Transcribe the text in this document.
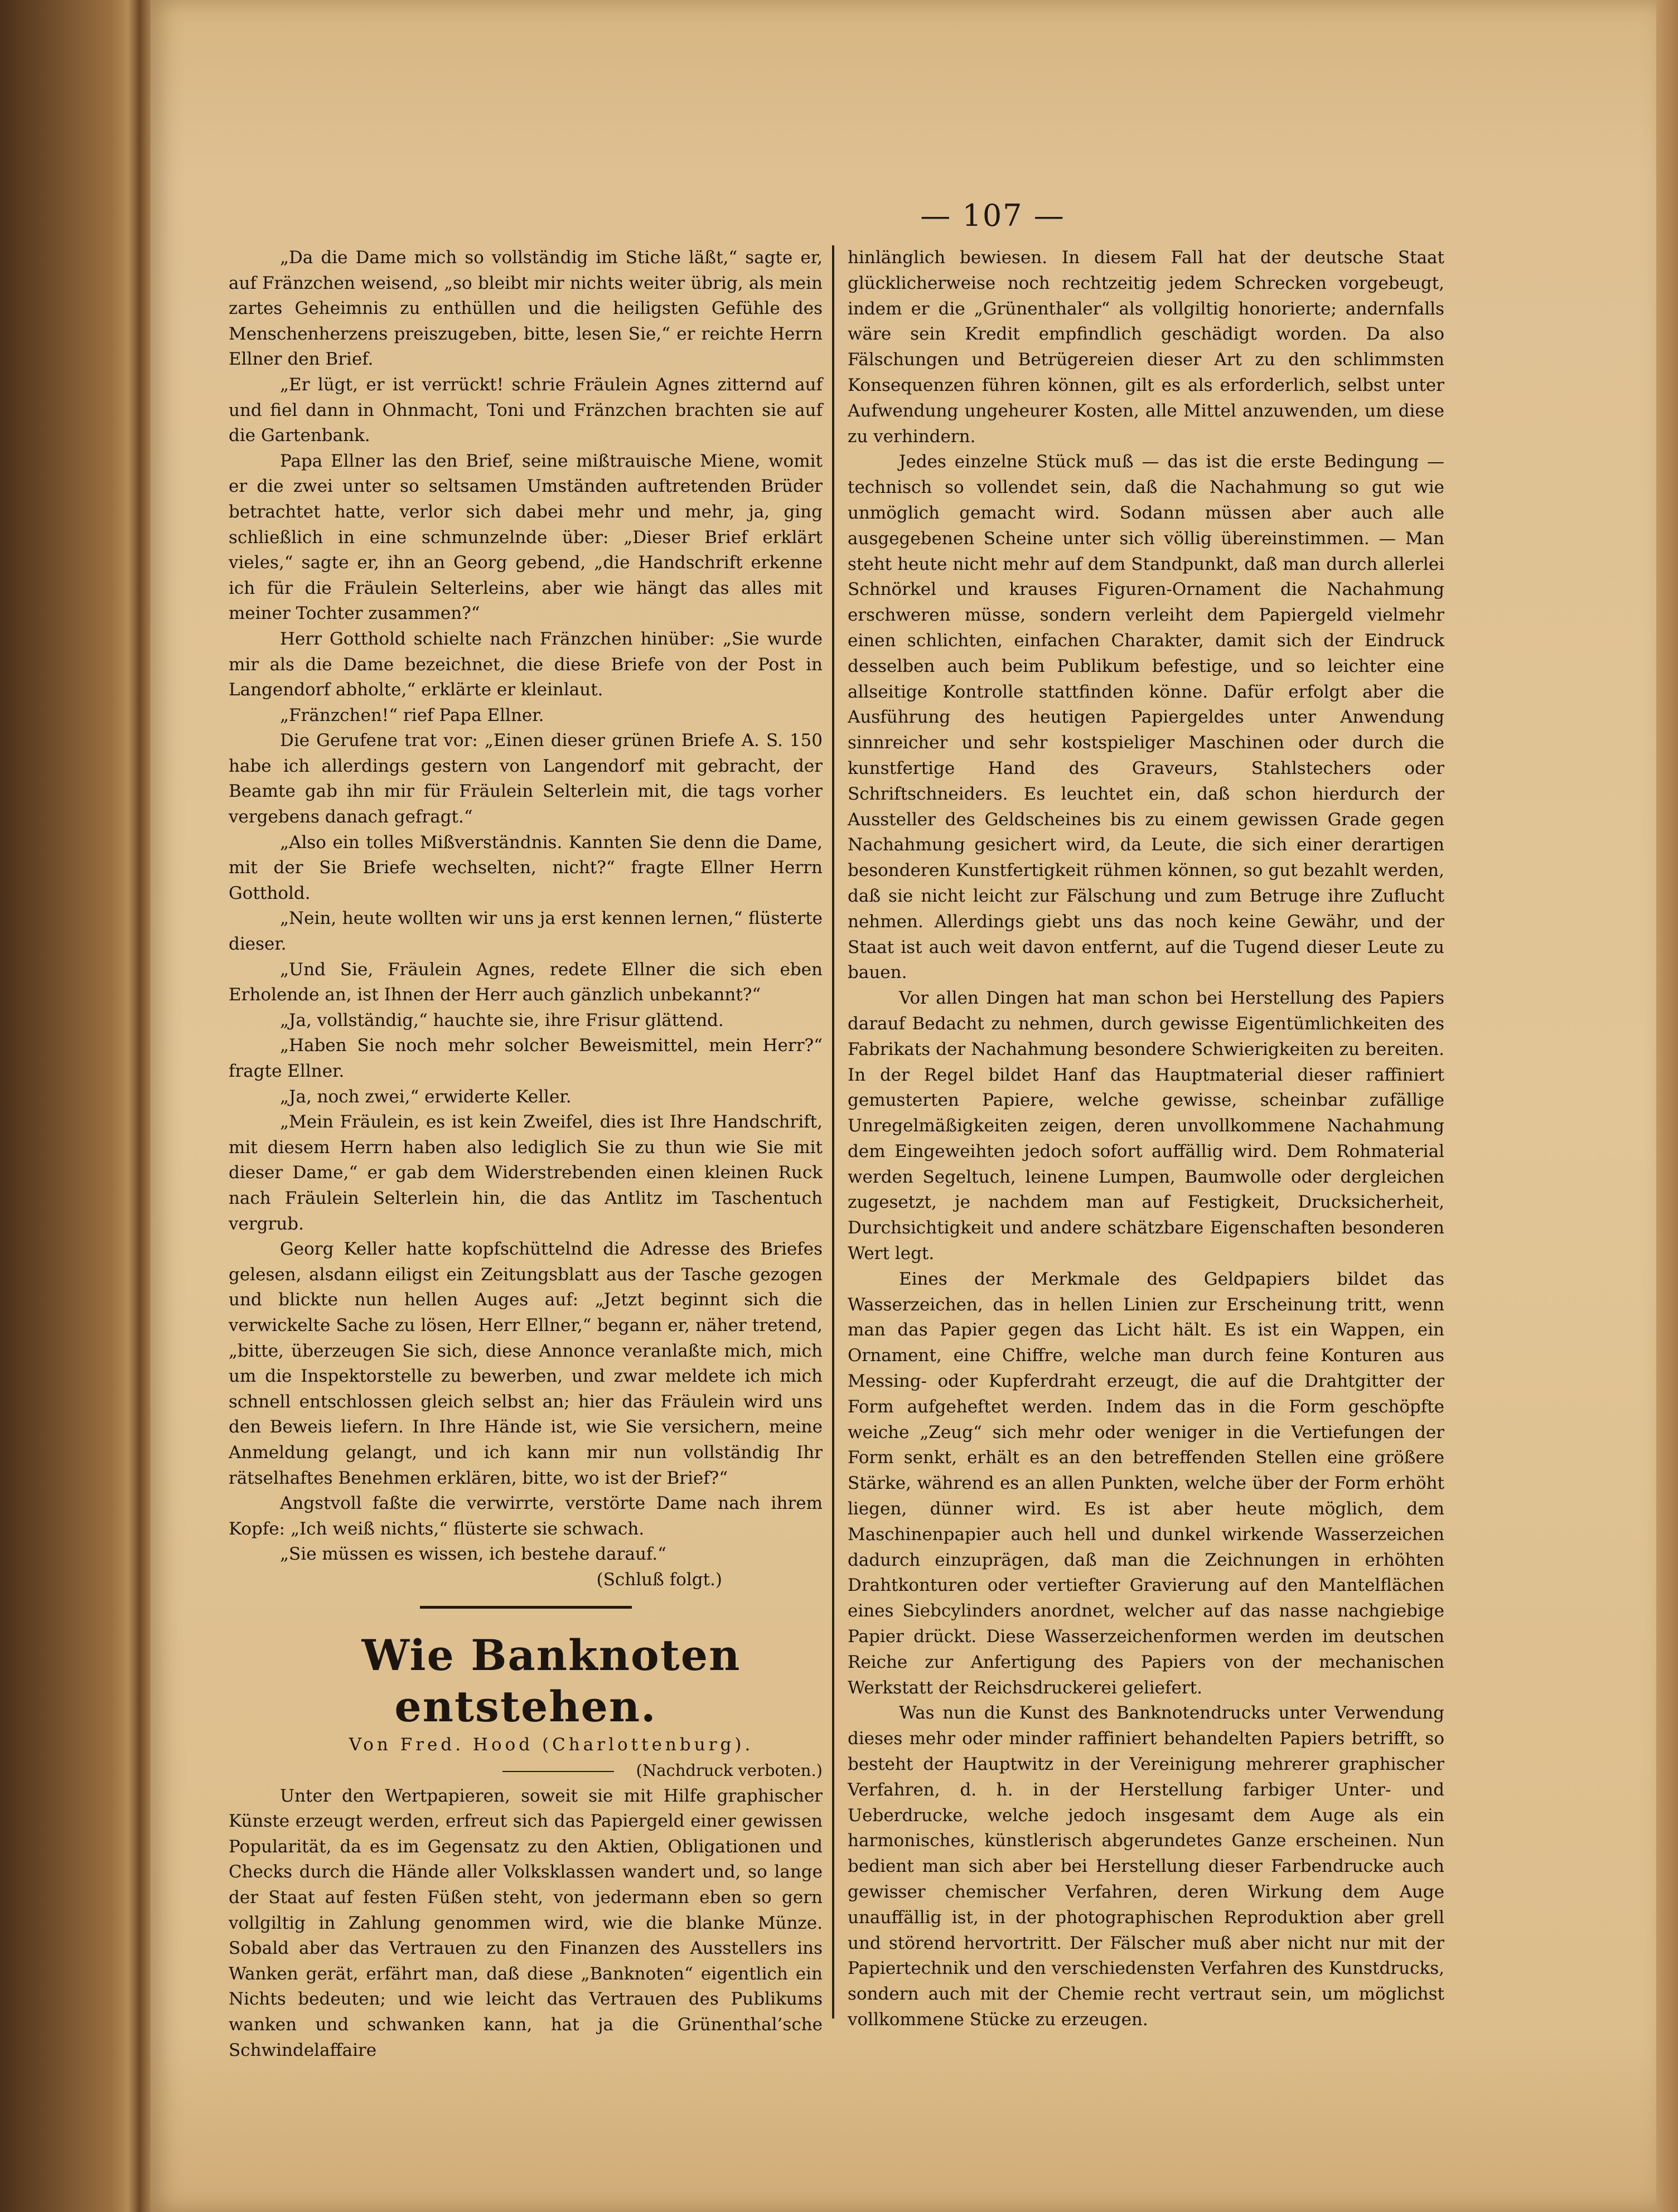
— 107 —

„Da die Dame mich so vollständig im Stiche läßt,“ sagte er, auf Fränzchen weisend, „so bleibt mir nichts weiter übrig, als mein zartes Geheimnis zu enthüllen und die heiligsten Gefühle des Menschenherzens preiszugeben, bitte, lesen Sie,“ er reichte Herrn Ellner den Brief.

„Er lügt, er ist verrückt! schrie Fräulein Agnes zitternd auf und fiel dann in Ohnmacht, Toni und Fränzchen brachten sie auf die Gartenbank.

Papa Ellner las den Brief, seine mißtrauische Miene, womit er die zwei unter so seltsamen Umständen auftretenden Brüder betrachtet hatte, verlor sich dabei mehr und mehr, ja, ging schließlich in eine schmunzelnde über: „Dieser Brief erklärt vieles,“ sagte er, ihn an Georg gebend, „die Handschrift erkenne ich für die Fräulein Selterleins, aber wie hängt das alles mit meiner Tochter zusammen?“

Herr Gotthold schielte nach Fränzchen hinüber: „Sie wurde mir als die Dame bezeichnet, die diese Briefe von der Post in Langendorf abholte,“ erklärte er kleinlaut.

„Fränzchen!“ rief Papa Ellner.

Die Gerufene trat vor: „Einen dieser grünen Briefe A. S. 150 habe ich allerdings gestern von Langendorf mit gebracht, der Beamte gab ihn mir für Fräulein Selterlein mit, die tags vorher vergebens danach gefragt.“

„Also ein tolles Mißverständnis. Kannten Sie denn die Dame, mit der Sie Briefe wechselten, nicht?“ fragte Ellner Herrn Gotthold.

„Nein, heute wollten wir uns ja erst kennen lernen,“ flüsterte dieser.

„Und Sie, Fräulein Agnes, redete Ellner die sich eben Erholende an, ist Ihnen der Herr auch gänzlich unbekannt?“

„Ja, vollständig,“ hauchte sie, ihre Frisur glättend.

„Haben Sie noch mehr solcher Beweismittel, mein Herr?“ fragte Ellner.

„Ja, noch zwei,“ erwiderte Keller.

„Mein Fräulein, es ist kein Zweifel, dies ist Ihre Handschrift, mit diesem Herrn haben also lediglich Sie zu thun wie Sie mit dieser Dame,“ er gab dem Widerstrebenden einen kleinen Ruck nach Fräulein Selterlein hin, die das Antlitz im Taschentuch vergrub.

Georg Keller hatte kopfschüttelnd die Adresse des Briefes gelesen, alsdann eiligst ein Zeitungsblatt aus der Tasche gezogen und blickte nun hellen Auges auf: „Jetzt beginnt sich die verwickelte Sache zu lösen, Herr Ellner,“ begann er, näher tretend, „bitte, überzeugen Sie sich, diese Annonce veranlaßte mich, mich um die Inspektorstelle zu bewerben, und zwar meldete ich mich schnell entschlossen gleich selbst an; hier das Fräulein wird uns den Beweis liefern. In Ihre Hände ist, wie Sie versichern, meine Anmeldung gelangt, und ich kann mir nun vollständig Ihr rätselhaftes Benehmen erklären, bitte, wo ist der Brief?“

Angstvoll faßte die verwirrte, verstörte Dame nach ihrem Kopfe: „Ich weiß nichts,“ flüsterte sie schwach.

„Sie müssen es wissen, ich bestehe darauf.“

(Schluß folgt.)

Wie Banknoten entstehen.

Von Fred. Hood (Charlottenburg).

(Nachdruck verboten.)

Unter den Wertpapieren, soweit sie mit Hilfe graphischer Künste erzeugt werden, erfreut sich das Papiergeld einer gewissen Popularität, da es im Gegensatz zu den Aktien, Obligationen und Checks durch die Hände aller Volksklassen wandert und, so lange der Staat auf festen Füßen steht, von jedermann eben so gern vollgiltig in Zahlung genommen wird, wie die blanke Münze. Sobald aber das Vertrauen zu den Finanzen des Ausstellers ins Wanken gerät, erfährt man, daß diese „Banknoten“ eigentlich ein Nichts bedeuten; und wie leicht das Vertrauen des Publikums wanken und schwanken kann, hat ja die Grünenthal’sche Schwindelaffaire

hinlänglich bewiesen. In diesem Fall hat der deutsche Staat glücklicherweise noch rechtzeitig jedem Schrecken vorgebeugt, indem er die „Grünenthaler“ als vollgiltig honorierte; andernfalls wäre sein Kredit empfindlich geschädigt worden. Da also Fälschungen und Betrügereien dieser Art zu den schlimmsten Konsequenzen führen können, gilt es als erforderlich, selbst unter Aufwendung ungeheurer Kosten, alle Mittel anzuwenden, um diese zu verhindern.

Jedes einzelne Stück muß — das ist die erste Bedingung — technisch so vollendet sein, daß die Nachahmung so gut wie unmöglich gemacht wird. Sodann müssen aber auch alle ausgegebenen Scheine unter sich völlig übereinstimmen. — Man steht heute nicht mehr auf dem Standpunkt, daß man durch allerlei Schnörkel und krauses Figuren-Ornament die Nachahmung erschweren müsse, sondern verleiht dem Papiergeld vielmehr einen schlichten, einfachen Charakter, damit sich der Eindruck desselben auch beim Publikum befestige, und so leichter eine allseitige Kontrolle stattfinden könne. Dafür erfolgt aber die Ausführung des heutigen Papiergeldes unter Anwendung sinnreicher und sehr kostspieliger Maschinen oder durch die kunstfertige Hand des Graveurs, Stahlstechers oder Schriftschneiders. Es leuchtet ein, daß schon hierdurch der Aussteller des Geldscheines bis zu einem gewissen Grade gegen Nachahmung gesichert wird, da Leute, die sich einer derartigen besonderen Kunstfertigkeit rühmen können, so gut bezahlt werden, daß sie nicht leicht zur Fälschung und zum Betruge ihre Zuflucht nehmen. Allerdings giebt uns das noch keine Gewähr, und der Staat ist auch weit davon entfernt, auf die Tugend dieser Leute zu bauen.

Vor allen Dingen hat man schon bei Herstellung des Papiers darauf Bedacht zu nehmen, durch gewisse Eigentümlichkeiten des Fabrikats der Nachahmung besondere Schwierigkeiten zu bereiten. In der Regel bildet Hanf das Hauptmaterial dieser raffiniert gemusterten Papiere, welche gewisse, scheinbar zufällige Unregelmäßigkeiten zeigen, deren unvollkommene Nachahmung dem Eingeweihten jedoch sofort auffällig wird. Dem Rohmaterial werden Segeltuch, leinene Lumpen, Baumwolle oder dergleichen zugesetzt, je nachdem man auf Festigkeit, Drucksicherheit, Durchsichtigkeit und andere schätzbare Eigenschaften besonderen Wert legt.

Eines der Merkmale des Geldpapiers bildet das Wasserzeichen, das in hellen Linien zur Erscheinung tritt, wenn man das Papier gegen das Licht hält. Es ist ein Wappen, ein Ornament, eine Chiffre, welche man durch feine Konturen aus Messing- oder Kupferdraht erzeugt, die auf die Drahtgitter der Form aufgeheftet werden. Indem das in die Form geschöpfte weiche „Zeug“ sich mehr oder weniger in die Vertiefungen der Form senkt, erhält es an den betreffenden Stellen eine größere Stärke, während es an allen Punkten, welche über der Form erhöht liegen, dünner wird. Es ist aber heute möglich, dem Maschinenpapier auch hell und dunkel wirkende Wasserzeichen dadurch einzuprägen, daß man die Zeichnungen in erhöhten Drahtkonturen oder vertiefter Gravierung auf den Mantelflächen eines Siebcylinders anordnet, welcher auf das nasse nachgiebige Papier drückt. Diese Wasserzeichenformen werden im deutschen Reiche zur Anfertigung des Papiers von der mechanischen Werkstatt der Reichsdruckerei geliefert.

Was nun die Kunst des Banknotendrucks unter Verwendung dieses mehr oder minder raffiniert behandelten Papiers betrifft, so besteht der Hauptwitz in der Vereinigung mehrerer graphischer Verfahren, d. h. in der Herstellung farbiger Unter- und Ueberdrucke, welche jedoch insgesamt dem Auge als ein harmonisches, künstlerisch abgerundetes Ganze erscheinen. Nun bedient man sich aber bei Herstellung dieser Farbendrucke auch gewisser chemischer Verfahren, deren Wirkung dem Auge unauffällig ist, in der photographischen Reproduktion aber grell und störend hervortritt. Der Fälscher muß aber nicht nur mit der Papiertechnik und den verschiedensten Verfahren des Kunstdrucks, sondern auch mit der Chemie recht vertraut sein, um möglichst vollkommene Stücke zu erzeugen.
